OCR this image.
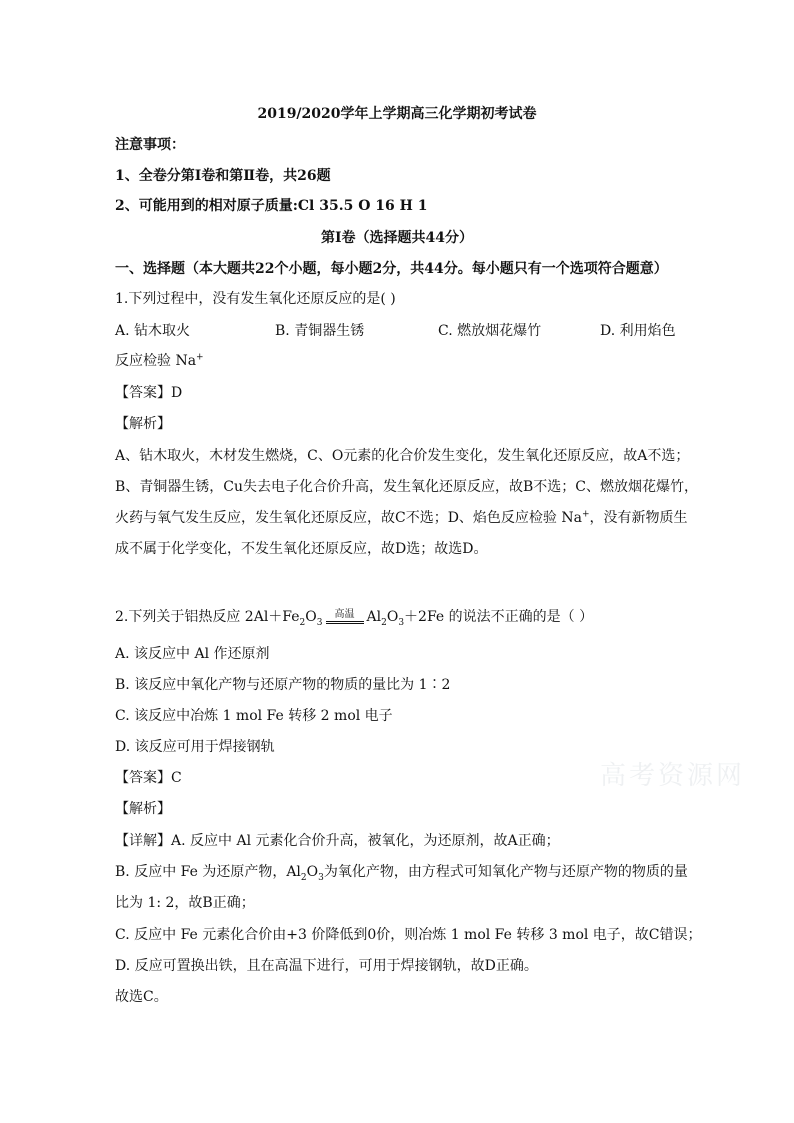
2019/2020学年上学期高三化学期初考试卷
注意事项：
1、全卷分第Ⅰ卷和第Ⅱ卷，共26题
2、可能用到的相对原子质量:Cl 35.5 O 16 H 1
第Ⅰ卷（选择题共44分）
一、选择题（本大题共22个小题，每小题2分，共44分。每小题只有一个选项符合题意）
1.下列过程中，没有发生氧化还原反应的是( )
A. 钻木取火	B. 青铜器生锈	C. 燃放烟花爆竹	D. 利用焰色
反应检验 Na+
【答案】D
【解析】
A、钻木取火，木材发生燃烧，C、O元素的化合价发生变化，发生氧化还原反应，故A不选；
B、青铜器生锈，Cu失去电子化合价升高，发生氧化还原反应，故B不选；C、燃放烟花爆竹，
火药与氧气发生反应，发生氧化还原反应，故C不选；D、焰色反应检验 Na+，没有新物质生
成不属于化学变化，不发生氧化还原反应，故D选；故选D。
2.下列关于铝热反应 $2Al+Fe_2O_3$高温 $Al_2O_3+2Fe$ 的说法不正确的是（ ）
A. 该反应中 Al 作还原剂
B. 该反应中氧化产物与还原产物的物质的量比为 1∶2
C. 该反应中冶炼 1 mol Fe 转移 2 mol 电子
D. 该反应可用于焊接钢轨
【答案】C
【解析】
【详解】A. 反应中 Al 元素化合价升高，被氧化，为还原剂，故A正确；
B. 反应中 Fe 为还原产物，$Al_2O_3$为氧化产物，由方程式可知氧化产物与还原产物的物质的量
比为 1: 2，故B正确；
C. 反应中 Fe 元素化合价由+3 价降低到0价，则冶炼 1 mol Fe 转移 3 mol 电子，故C错误；
D. 反应可置换出铁，且在高温下进行，可用于焊接钢轨，故D正确。
故选C。
高考资源网
